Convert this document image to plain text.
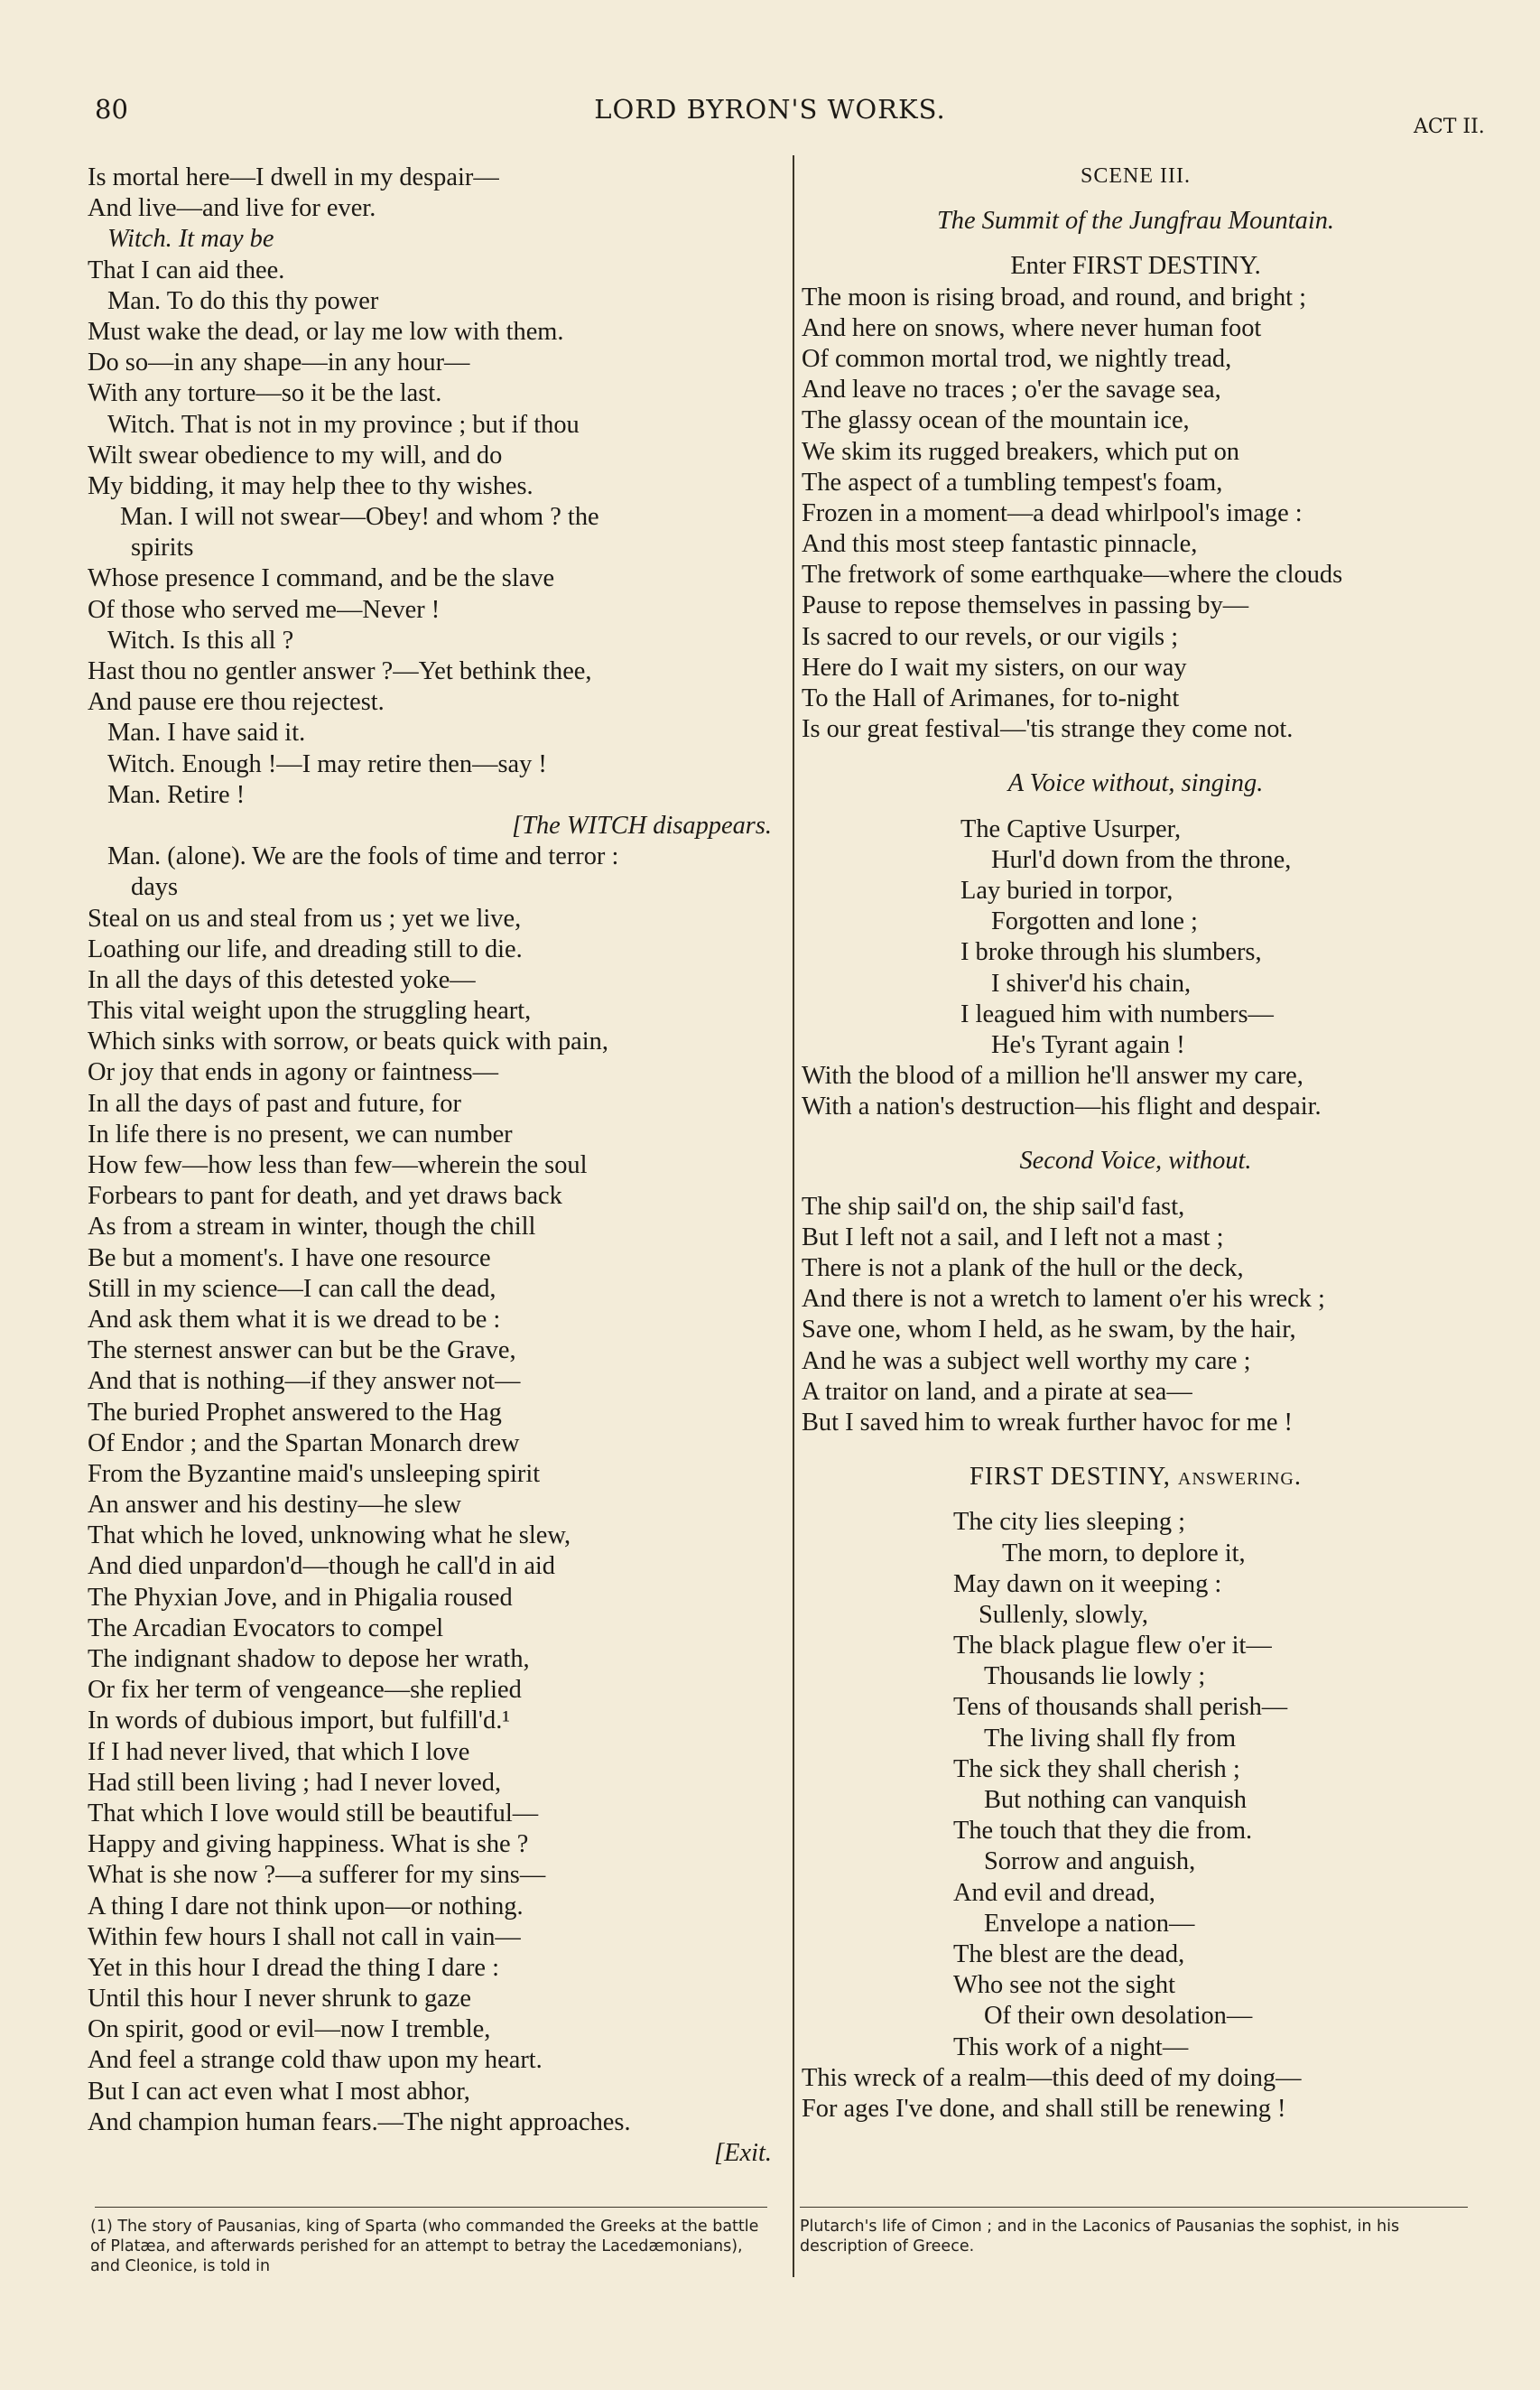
80	LORD BYRON'S WORKS.
ACT II.
Is mortal here—I dwell in my despair—
And live—and live for ever.
Witch. It may be
That I can aid thee.
Man. To do this thy power
Must wake the dead, or lay me low with them.
Do so—in any shape—in any hour—
With any torture—so it be the last.
Witch. That is not in my province ; but if thou
Wilt swear obedience to my will, and do
My bidding, it may help thee to thy wishes.
Man. I will not swear—Obey! and whom ? the
spirits
Whose presence I command, and be the slave
Of those who served me—Never !
Witch. Is this all ?
Hast thou no gentler answer ?—Yet bethink thee,
And pause ere thou rejectest.
Man. I have said it.
Witch. Enough !—I may retire then—say !
Man. Retire !
[The WITCH disappears.
Man. (alone). We are the fools of time and terror :
days
Steal on us and steal from us ; yet we live,
Loathing our life, and dreading still to die.
In all the days of this detested yoke—
This vital weight upon the struggling heart,
Which sinks with sorrow, or beats quick with pain,
Or joy that ends in agony or faintness—
In all the days of past and future, for
In life there is no present, we can number
How few—how less than few—wherein the soul
Forbears to pant for death, and yet draws back
As from a stream in winter, though the chill
Be but a moment's. I have one resource
Still in my science—I can call the dead,
And ask them what it is we dread to be :
The sternest answer can but be the Grave,
And that is nothing—if they answer not—
The buried Prophet answered to the Hag
Of Endor ; and the Spartan Monarch drew
From the Byzantine maid's unsleeping spirit
An answer and his destiny—he slew
That which he loved, unknowing what he slew,
And died unpardon'd—though he call'd in aid
The Phyxian Jove, and in Phigalia roused
The Arcadian Evocators to compel
The indignant shadow to depose her wrath,
Or fix her term of vengeance—she replied
In words of dubious import, but fulfill'd.¹
If I had never lived, that which I love
Had still been living ; had I never loved,
That which I love would still be beautiful—
Happy and giving happiness. What is she ?
What is she now ?—a sufferer for my sins—
A thing I dare not think upon—or nothing.
Within few hours I shall not call in vain—
Yet in this hour I dread the thing I dare :
Until this hour I never shrunk to gaze
On spirit, good or evil—now I tremble,
And feel a strange cold thaw upon my heart.
But I can act even what I most abhor,
And champion human fears.—The night approaches.
[Exit.
SCENE III.
The Summit of the Jungfrau Mountain.
Enter FIRST DESTINY.
The moon is rising broad, and round, and bright ;
And here on snows, where never human foot
Of common mortal trod, we nightly tread,
And leave no traces ; o'er the savage sea,
The glassy ocean of the mountain ice,
We skim its rugged breakers, which put on
The aspect of a tumbling tempest's foam,
Frozen in a moment—a dead whirlpool's image :
And this most steep fantastic pinnacle,
The fretwork of some earthquake—where the clouds
Pause to repose themselves in passing by—
Is sacred to our revels, or our vigils ;
Here do I wait my sisters, on our way
To the Hall of Arimanes, for to-night
Is our great festival—'tis strange they come not.
A Voice without, singing.
The Captive Usurper,
Hurl'd down from the throne,
Lay buried in torpor,
Forgotten and lone ;
I broke through his slumbers,
I shiver'd his chain,
I leagued him with numbers—
He's Tyrant again !
With the blood of a million he'll answer my care,
With a nation's destruction—his flight and despair.
Second Voice, without.
The ship sail'd on, the ship sail'd fast,
But I left not a sail, and I left not a mast ;
There is not a plank of the hull or the deck,
And there is not a wretch to lament o'er his wreck ;
Save one, whom I held, as he swam, by the hair,
And he was a subject well worthy my care ;
A traitor on land, and a pirate at sea—
But I saved him to wreak further havoc for me !
FIRST DESTINY, answering.
The city lies sleeping ;
The morn, to deplore it,
May dawn on it weeping :
Sullenly, slowly,
The black plague flew o'er it—
Thousands lie lowly ;
Tens of thousands shall perish—
The living shall fly from
The sick they shall cherish ;
But nothing can vanquish
The touch that they die from.
Sorrow and anguish,
And evil and dread,
Envelope a nation—
The blest are the dead,
Who see not the sight
Of their own desolation—
This work of a night—
This wreck of a realm—this deed of my doing—
For ages I've done, and shall still be renewing !
(1) The story of Pausanias, king of Sparta (who commanded the Greeks at the battle of Platæa, and afterwards perished for an attempt to betray the Lacedæmonians), and Cleonice, is told in
Plutarch's life of Cimon ; and in the Laconics of Pausanias the sophist, in his description of Greece.
